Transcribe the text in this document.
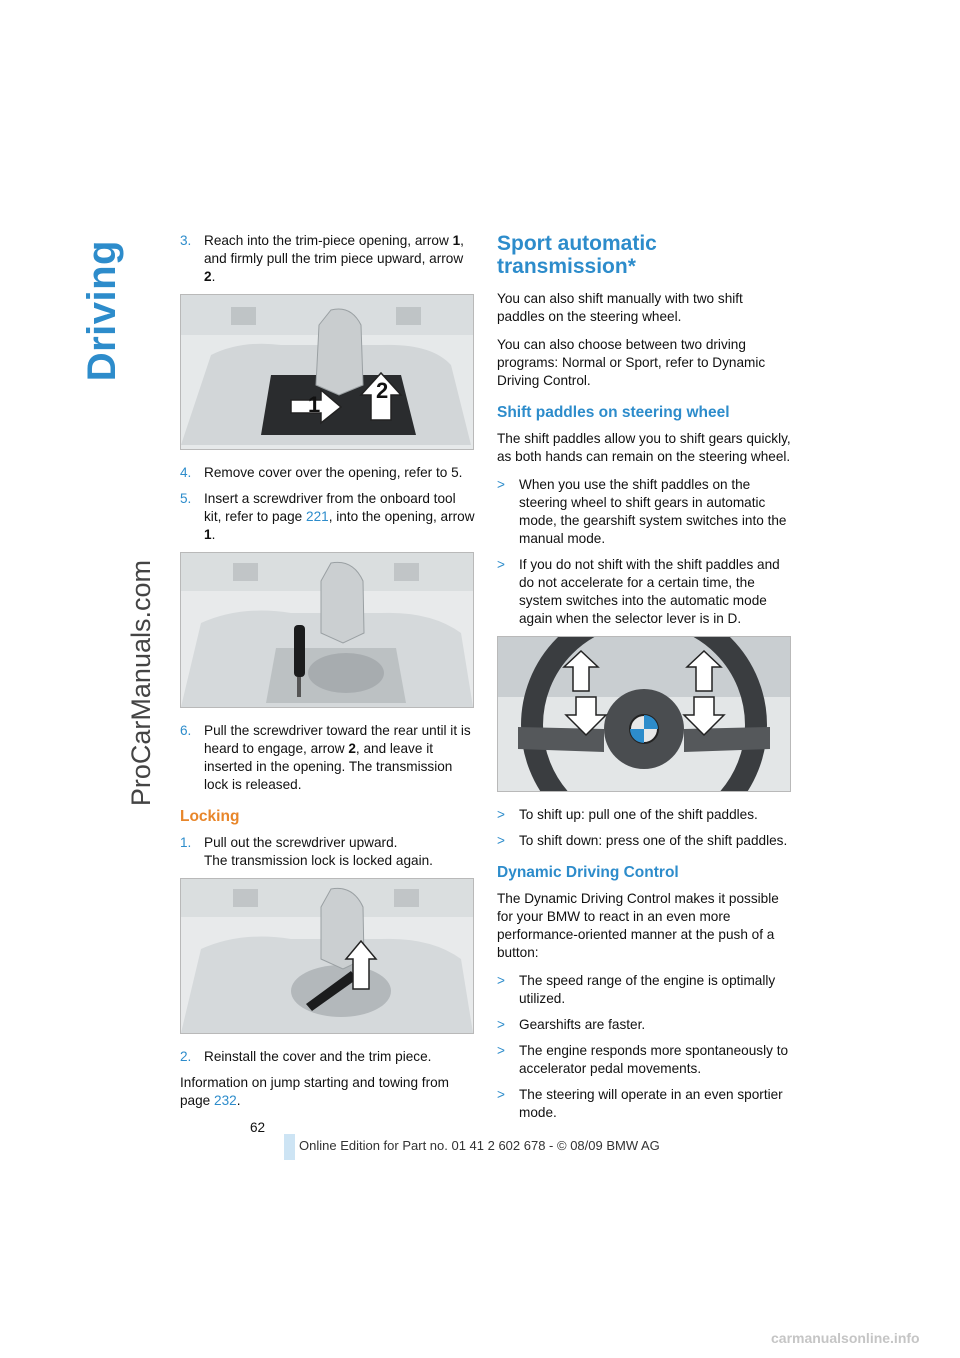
Driving
ProCarManuals.com
3. Reach into the trim-piece opening, arrow 1, and firmly pull the trim piece upward, arrow 2.
1
2
4. Remove cover over the opening, refer to 5.
5. Insert a screwdriver from the onboard tool kit, refer to page 221, into the opening, arrow 1.
6. Pull the screwdriver toward the rear until it is heard to engage, arrow 2, and leave it inserted in the opening. The transmission lock is released.
Locking
1. Pull out the screwdriver upward.
The transmission lock is locked again.
2. Reinstall the cover and the trim piece.

Information on jump starting and towing from page 232.

Sport automatic transmission*

You can also shift manually with two shift paddles on the steering wheel.

You can also choose between two driving programs: Normal or Sport, refer to Dynamic Driving Control.

Shift paddles on steering wheel

The shift paddles allow you to shift gears quickly, as both hands can remain on the steering wheel.

>	When you use the shift paddles on the steering wheel to shift gears in automatic mode, the gearshift system switches into the manual mode.
>	If you do not shift with the shift paddles and do not accelerate for a certain time, the system switches into the automatic mode again when the selector lever is in D.
>	To shift up: pull one of the shift paddles.
>	To shift down: press one of the shift paddles.
Dynamic Driving Control

The Dynamic Driving Control makes it possible for your BMW to react in an even more performance-oriented manner at the push of a button:

>	The speed range of the engine is optimally utilized.
>	Gearshifts are faster.
>	The engine responds more spontaneously to accelerator pedal movements.
>	The steering will operate in an even sportier mode.
62
Online Edition for Part no. 01 41 2 602 678 - © 08/09 BMW AG
carmanualsonline.info
